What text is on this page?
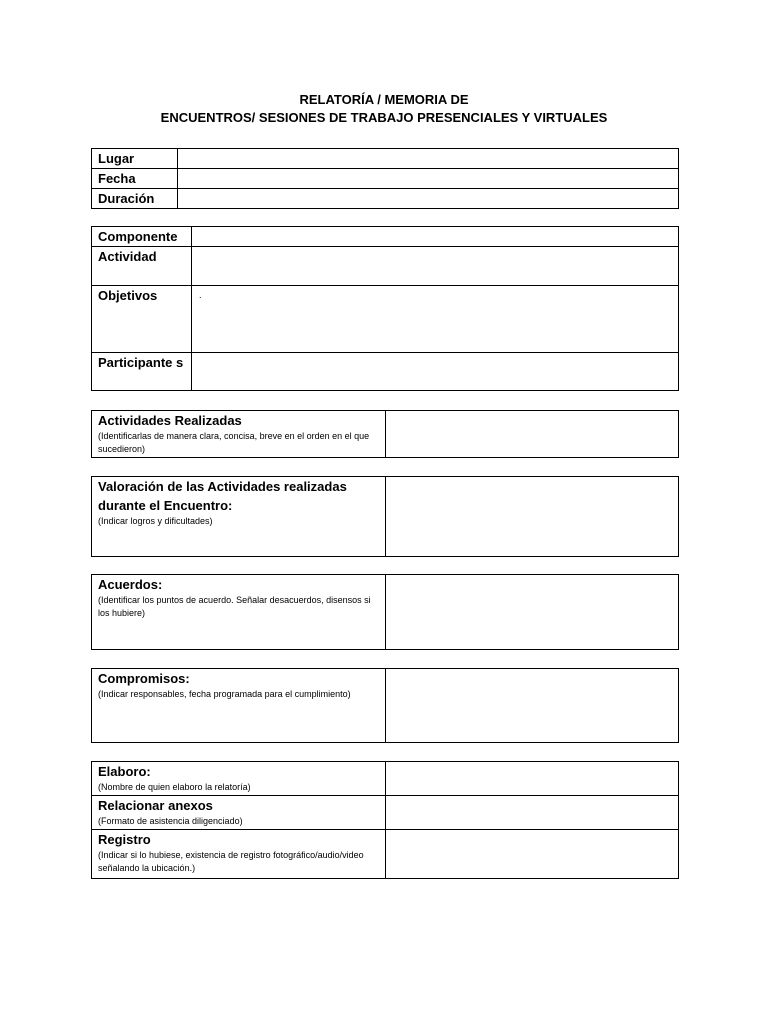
RELATORÍA / MEMORIA DE
ENCUENTROS/ SESIONES DE TRABAJO PRESENCIALES Y VIRTUALES
Lugar	
Fecha	
Duración	
Componente	
Actividad	
Objetivos	.

Participante s	
Actividades Realizadas
(Identificarlas de manera clara, concisa, breve en el orden en el que sucedieron)

Valoración de las Actividades realizadas durante el Encuentro:
(Indicar logros y dificultades)

Acuerdos:
(Identificar los puntos de acuerdo. Señalar desacuerdos, disensos si los hubiere)

Compromisos:
(Indicar responsables, fecha programada para el cumplimiento)

Elaboro:
(Nombre de quien elaboro la relatoría)	

Relacionar anexos
(Formato de asistencia diligenciado)	

Registro
(Indicar si lo hubiese, existencia de registro fotográfico/audio/video señalando la ubicación.)	
